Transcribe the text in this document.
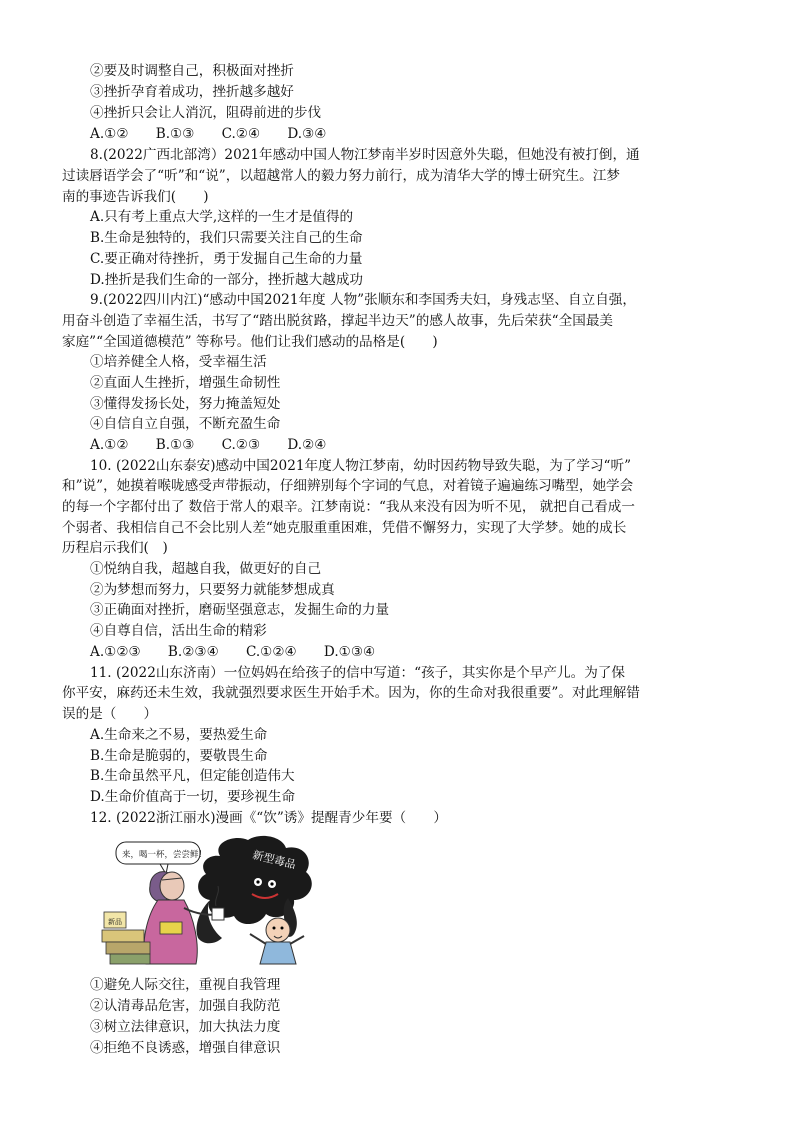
②要及时调整自己，积极面对挫折
③挫折孕育着成功，挫折越多越好
④挫折只会让人消沉，阻碍前进的步伐
A.①②　　B.①③　　C.②④　　D.③④
8.(2022广西北部湾）2021年感动中国人物江梦南半岁时因意外失聪，但她没有被打倒，通
过读唇语学会了“听”和“说”，以超越常人的毅力努力前行，成为清华大学的博士研究生。江梦
南的事迹告诉我们(　　)
A.只有考上重点大学,这样的一生才是值得的
B.生命是独特的，我们只需要关注自己的生命
C.要正确对待挫折，勇于发掘自己生命的力量
D.挫折是我们生命的一部分，挫折越大越成功
9.(2022四川内江)“感动中国2021年度 人物”张顺东和李国秀夫妇，身残志坚、自立自强，
用奋斗创造了幸福生活，书写了“踏出脱贫路，撑起半边天”的感人故事，先后荣获“全国最美
家庭”“全国道德模范” 等称号。他们让我们感动的品格是(　　)
①培养健全人格，受幸福生活
②直面人生挫折，增强生命韧性
③懂得发扬长处，努力掩盖短处
④自信自立自强，不断充盈生命
A.①②　　B.①③　　C.②③　　D.②④
10. (2022山东泰安)感动中国2021年度人物江梦南，幼时因药物导致失聪，为了学习“听”
和”说”，她摸着喉咙感受声带振动，仔细辨别每个字词的气息，对着镜子遍遍练习嘴型，她学会
的每一个字都付出了 数倍于常人的艰辛。江梦南说：“我从来没有因为听不见， 就把自己看成一
个弱者、我相信自己不会比别人差“她克服重重困难，凭借不懈努力，实现了大学梦。她的成长
历程启示我们(　)
①悦纳自我，超越自我，做更好的自己
②为梦想而努力，只要努力就能梦想成真
③正确面对挫折，磨砺坚强意志，发掘生命的力量
④自尊自信，活出生命的精彩
A.①②③　　B.②③④　　C.①②④　　D.①③④
11. (2022山东济南）一位妈妈在给孩子的信中写道：“孩子，其实你是个早产儿。为了保
你平安，麻药还未生效，我就强烈要求医生开始手术。因为，你的生命对我很重要”。对此理解错
误的是（　　）
A.生命来之不易，要热爱生命
B.生命是脆弱的，要敬畏生命
B.生命虽然平凡，但定能创造伟大
D.生命价值高于一切，要珍视生命
12. (2022浙江丽水)漫画《“饮”诱》提醒青少年要（　　）
新型毒品
来，喝一杯，尝尝鲜！
新品
①避免人际交往，重视自我管理
②认清毒品危害，加强自我防范
③树立法律意识，加大执法力度
④拒绝不良诱惑，增强自律意识
